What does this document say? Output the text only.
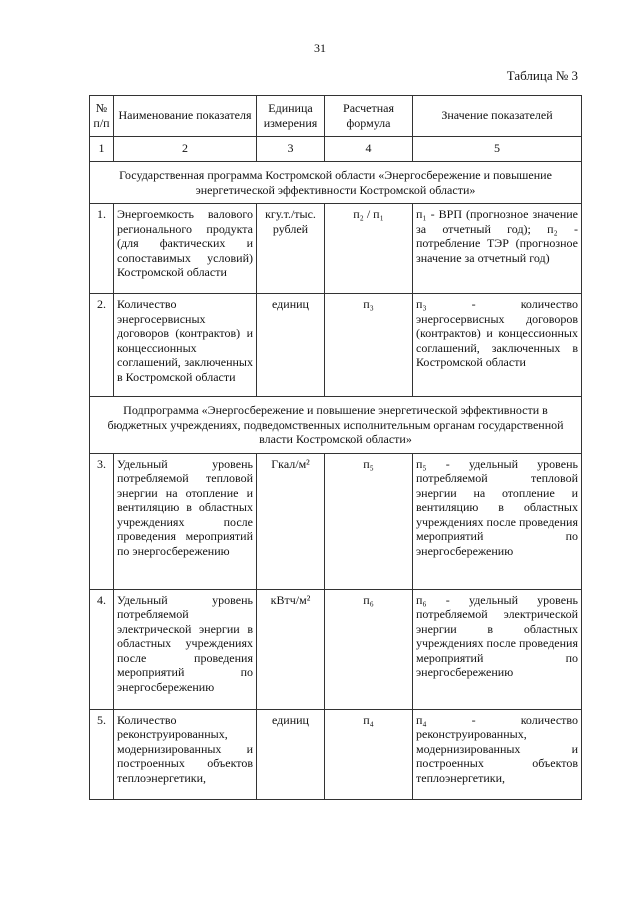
31
Таблица № 3
№ п/п	Наименование показателя	Единица измерения	Расчетная формула	Значение показателей
1	2	3	4	5
Государственная программа Костромской области «Энергосбережение и повышение энергетической эффективности Костромской области»				
1.	Энергоемкость валового регионального продукта (для фактических и сопоставимых условий) Костромской области	кгу.т./тыс. рублей	п₂ / п₁	п₁ - ВРП (прогнозное значение за отчетный год); п₂ - потребление ТЭР (прогнозное значение за отчетный год)
2.	Количество энергосервисных договоров (контрактов) и концессионных соглашений, заключенных в Костромской области	единиц	п₃	п₃ - количество энергосервисных договоров (контрактов) и концессионных соглашений, заключенных в Костромской области
Подпрограмма «Энергосбережение и повышение энергетической эффективности в бюджетных учреждениях, подведомственных исполнительным органам государственной власти Костромской области»				
3.	Удельный уровень потребляемой тепловой энергии на отопление и вентиляцию в областных учреждениях после проведения мероприятий по энергосбережению	Гкал/м²	п₅	п₅ - удельный уровень потребляемой тепловой энергии на отопление и вентиляцию в областных учреждениях после проведения мероприятий по энергосбережению
4.	Удельный уровень потребляемой электрической энергии в областных учреждениях после проведения мероприятий по энергосбережению	кВтч/м²	п₆	п₆ - удельный уровень потребляемой электрической энергии в областных учреждениях после проведения мероприятий по энергосбережению
5.	Количество реконструированных, модернизированных и построенных объектов теплоэнергетики,	единиц	п₄	п₄ - количество реконструированных, модернизированных и построенных объектов теплоэнергетики,
